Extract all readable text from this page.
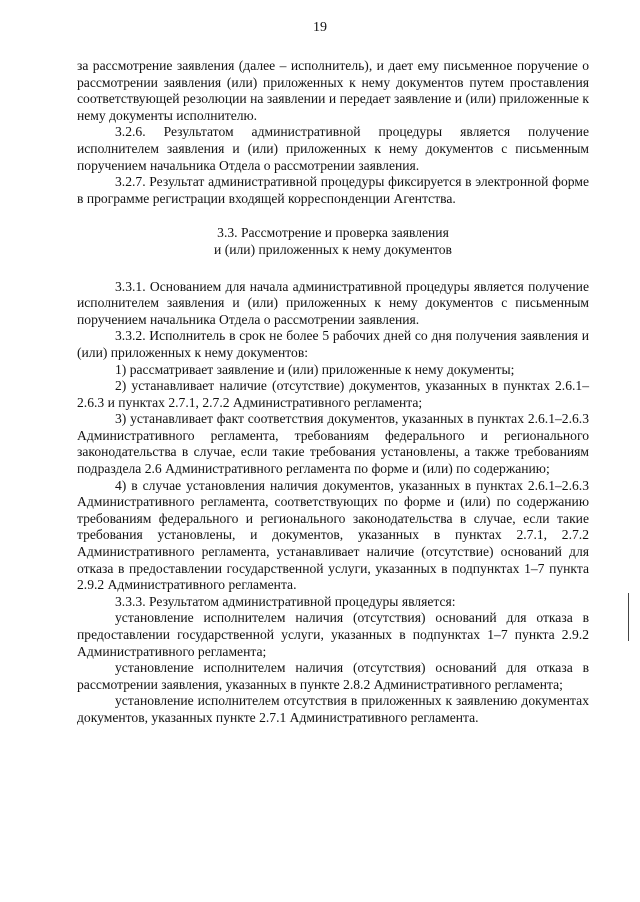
19

за рассмотрение заявления (далее – исполнитель), и дает ему письменное поручение о рассмотрении заявления (или) приложенных к нему документов путем проставления соответствующей резолюции на заявлении и передает заявление и (или) приложенные к нему документы исполнителю.

3.2.6. Результатом административной процедуры является получение исполнителем заявления и (или) приложенных к нему документов с письменным поручением начальника Отдела о рассмотрении заявления.

3.2.7. Результат административной процедуры фиксируется в электронной форме в программе регистрации входящей корреспонденции Агентства.

3.3. Рассмотрение и проверка заявления
и (или) приложенных к нему документов

3.3.1. Основанием для начала административной процедуры является получение исполнителем заявления и (или) приложенных к нему документов с письменным поручением начальника Отдела о рассмотрении заявления.

3.3.2. Исполнитель в срок не более 5 рабочих дней со дня получения заявления и (или) приложенных к нему документов:

1) рассматривает заявление и (или) приложенные к нему документы;

2) устанавливает наличие (отсутствие) документов, указанных в пунктах 2.6.1–2.6.3 и пунктах 2.7.1, 2.7.2 Административного регламента;

3) устанавливает факт соответствия документов, указанных в пунктах 2.6.1–2.6.3 Административного регламента, требованиям федерального и регионального законодательства в случае, если такие требования установлены, а также требованиям подраздела 2.6 Административного регламента по форме и (или) по содержанию;

4) в случае установления наличия документов, указанных в пунктах 2.6.1–2.6.3 Административного регламента, соответствующих по форме и (или) по содержанию требованиям федерального и регионального законодательства в случае, если такие требования установлены, и документов, указанных в пунктах 2.7.1, 2.7.2 Административного регламента, устанавливает наличие (отсутствие) оснований для отказа в предоставлении государственной услуги, указанных в подпунктах 1–7 пункта 2.9.2 Административного регламента.

3.3.3. Результатом административной процедуры является:

установление исполнителем наличия (отсутствия) оснований для отказа в предоставлении государственной услуги, указанных в подпунктах 1–7 пункта 2.9.2 Административного регламента;

установление исполнителем наличия (отсутствия) оснований для отказа в рассмотрении заявления, указанных в пункте 2.8.2 Административного регламента;

установление исполнителем отсутствия в приложенных к заявлению документах документов, указанных пункте 2.7.1 Административного регламента.
